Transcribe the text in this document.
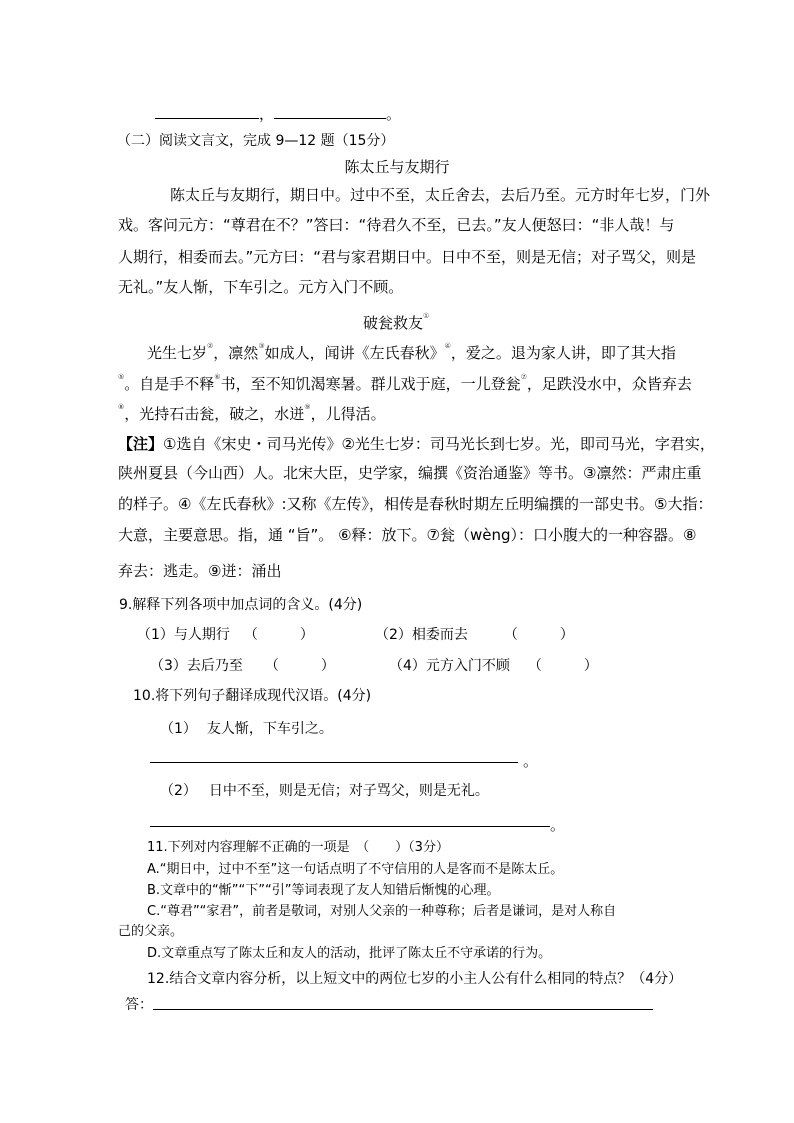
，	。
（二）阅读文言文，完成 9—12 题（15分）
陈太丘与友期行
陈太丘与友期行，期日中。过中不至，太丘舍去，去后乃至。元方时年七岁，门外
戏。客问元方：“尊君在不？”答曰：“待君久不至，已去。”友人便怒曰：“非人哉！与
人期行，相委而去。”元方曰：“君与家君期日中。日中不至，则是无信；对子骂父，则是
无礼。”友人惭，下车引之。元方入门不顾。
破瓮救友①
光生七岁②，凛然③如成人，闻讲《左氏春秋》④，爱之。退为家人讲，即了其大指
⑤。自是手不释⑥书，至不知饥渴寒暑。群儿戏于庭，一儿登瓮⑦，足跌没水中，众皆弃去
⑧，光持石击瓮，破之，水迸⑨，儿得活。
【注】①选自《宋史・司马光传》②光生七岁：司马光长到七岁。光，即司马光，字君实，
陕州夏县（今山西）人。北宋大臣，史学家，编撰《资治通鉴》等书。③凛然：严肃庄重
的样子。④《左氏春秋》:又称《左传》，相传是春秋时期左丘明编撰的一部史书。⑤大指：
大意，主要意思。指，通 “旨”。 ⑥释：放下。⑦瓮（wèng）：口小腹大的一种容器。⑧
弃去：逃走。⑨迸：涌出
9.解释下列各项中加点词的含义。(4分)
（1）与人期行 （　　　）	（2）相委而去	（　　　）
（3）去后乃至 （　　　）	（4）元方入门不顾 （　　　）
10.将下列句子翻译成现代汉语。(4分)
（1） 友人惭，下车引之。
。
（2） 日中不至，则是无信；对子骂父，则是无礼。
。
11.下列对内容理解不正确的一项是　（　　）（3分）
A.“期日中，过中不至”这一句话点明了不守信用的人是客而不是陈太丘。
B.文章中的“惭”“下”“引”等词表现了友人知错后惭愧的心理。
C.“尊君”“家君”，前者是敬词，对别人父亲的一种尊称；后者是谦词，是对人称自
己的父亲。
D.文章重点写了陈太丘和友人的活动，批评了陈太丘不守承诺的行为。
12.结合文章内容分析，以上短文中的两位七岁的小主人公有什么相同的特点？（4分）
答：
